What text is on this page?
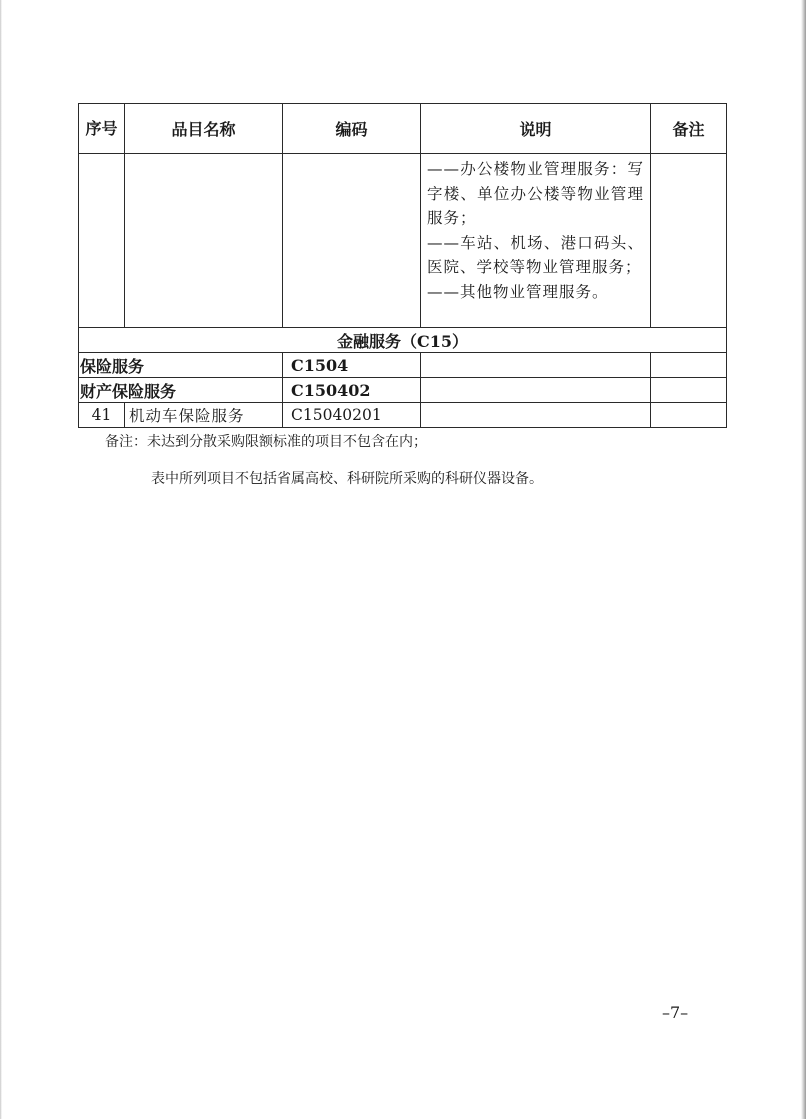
序号	品目名称	编码	说明	备注

			——办公楼物业管理服务：写字楼、单位办公楼等物业管理服务；
——车站、机场、港口码头、医院、学校等物业管理服务；
——其他物业管理服务。	

金融服务（C15）				
保险服务		C1504		
财产保险服务		C150402		
41	机动车保险服务	C15040201		
备注：未达到分散采购限额标准的项目不包含在内；
表中所列项目不包括省属高校、科研院所采购的科研仪器设备。
–7–
